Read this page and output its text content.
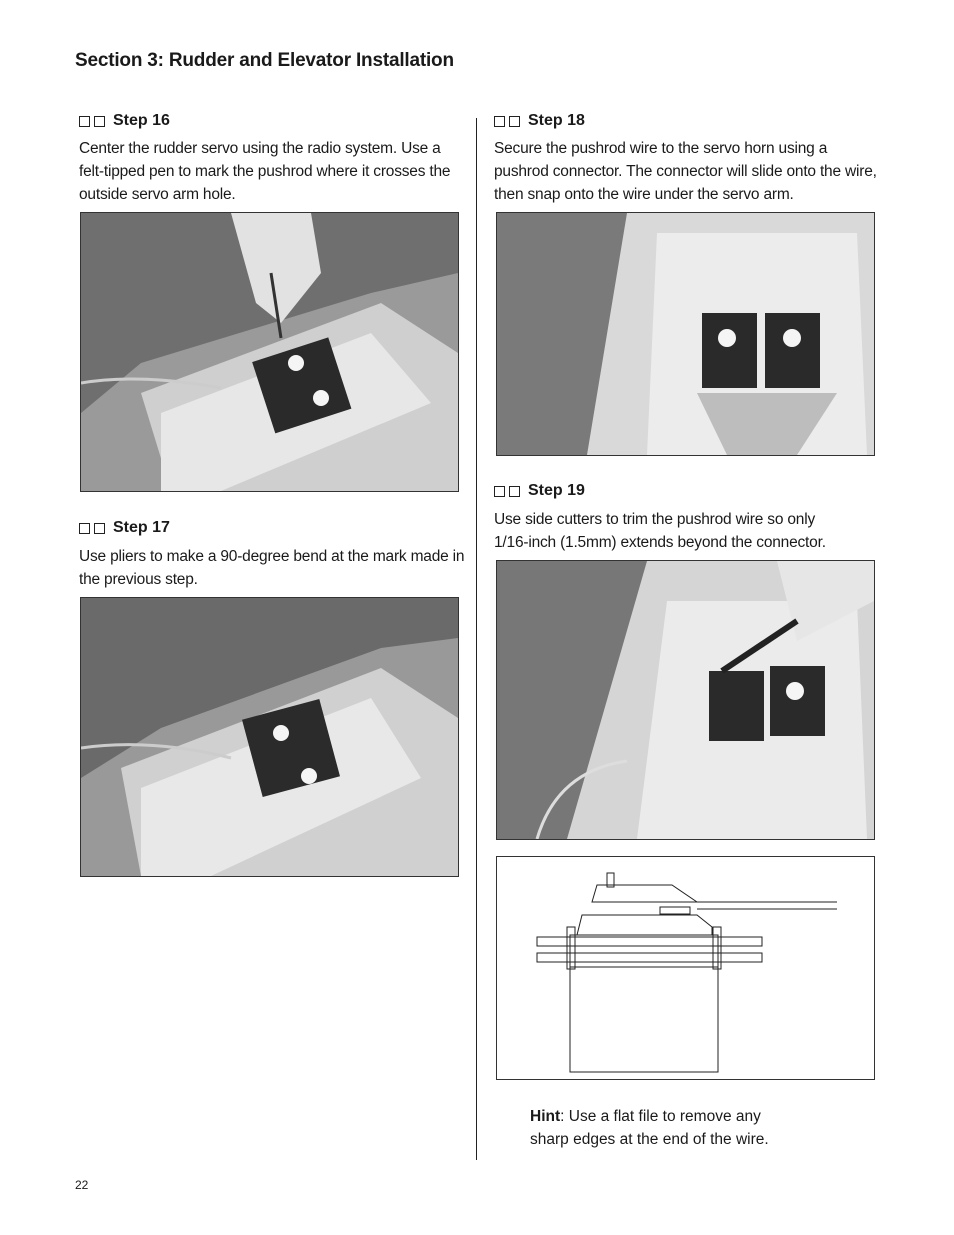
Section 3: Rudder and Elevator Installation
Step 16
Center the rudder servo using the radio system. Use a
felt-tipped pen to mark the pushrod where it crosses the
outside servo arm hole.
Step 17
Use pliers to make a 90-degree bend at the mark made in
the previous step.
Step 18
Secure the pushrod wire to the servo horn using a
pushrod connector. The connector will slide onto the wire,
then snap onto the wire under the servo arm.
Step 19
Use side cutters to trim the pushrod wire so only
1/16-inch (1.5mm) extends beyond the connector.
Hint: Use a flat file to remove any
sharp edges at the end of the wire.
22
